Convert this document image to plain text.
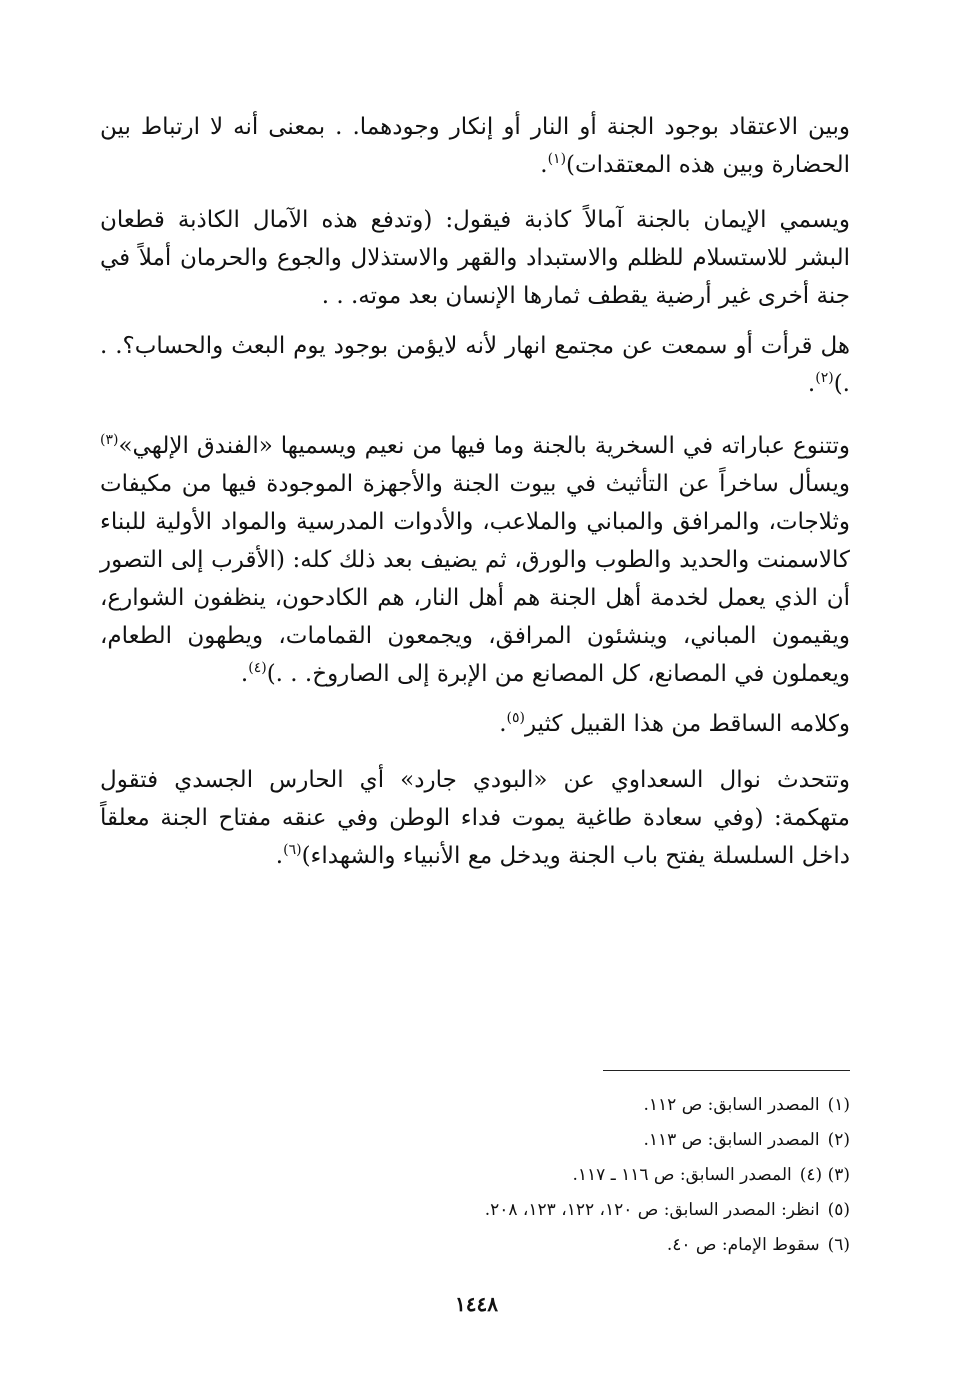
وبين الاعتقاد بوجود الجنة أو النار أو إنكار وجودهما. . بمعنى أنه لا ارتباط بين الحضارة وبين هذه المعتقدات)$^{(١)}$.

ويسمي الإيمان بالجنة آمالاً كاذبة فيقول: (وتدفع هذه الآمال الكاذبة قطعان البشر للاستسلام للظلم والاستبداد والقهر والاستذلال والجوع والحرمان أملاً في جنة أخرى غير أرضية يقطف ثمارها الإنسان بعد موته. . .

هل قرأت أو سمعت عن مجتمع انهار لأنه لايؤمن بوجود يوم البعث والحساب؟. . .)$^{(٢)}$.

وتتنوع عباراته في السخرية بالجنة وما فيها من نعيم ويسميها «الفندق الإلهي»$^{(٣)}$ ويسأل ساخراً عن التأثيث في بيوت الجنة والأجهزة الموجودة فيها من مكيفات وثلاجات، والمرافق والمباني والملاعب، والأدوات المدرسية والمواد الأولية للبناء كالاسمنت والحديد والطوب والورق، ثم يضيف بعد ذلك كله: (الأقرب إلى التصور أن الذي يعمل لخدمة أهل الجنة هم أهل النار، هم الكادحون، ينظفون الشوارع، ويقيمون المباني، وينشئون المرافق، ويجمعون القمامات، ويطهون الطعام، ويعملون في المصانع، كل المصانع من الإبرة إلى الصاروخ. . .)$^{(٤)}$.

وكلامه الساقط من هذا القبيل كثير$^{(٥)}$.

وتتحدث نوال السعداوي عن «البودي جارد» أي الحارس الجسدي فتقول متهكمة: (وفي سعادة طاغية يموت فداء الوطن وفي عنقه مفتاح الجنة معلقاً داخل السلسلة يفتح باب الجنة ويدخل مع الأنبياء والشهداء)$^{(٦)}$.

(١)المصدر السابق: ص ١١٢.
(٢)المصدر السابق: ص ١١٣.
(٣) (٤)المصدر السابق: ص ١١٦ ـ ١١٧.
(٥)انظر: المصدر السابق: ص ١٢٠، ١٢٢، ١٢٣، ٢٠٨.
(٦)سقوط الإمام: ص ٤٠.
١٤٤٨
